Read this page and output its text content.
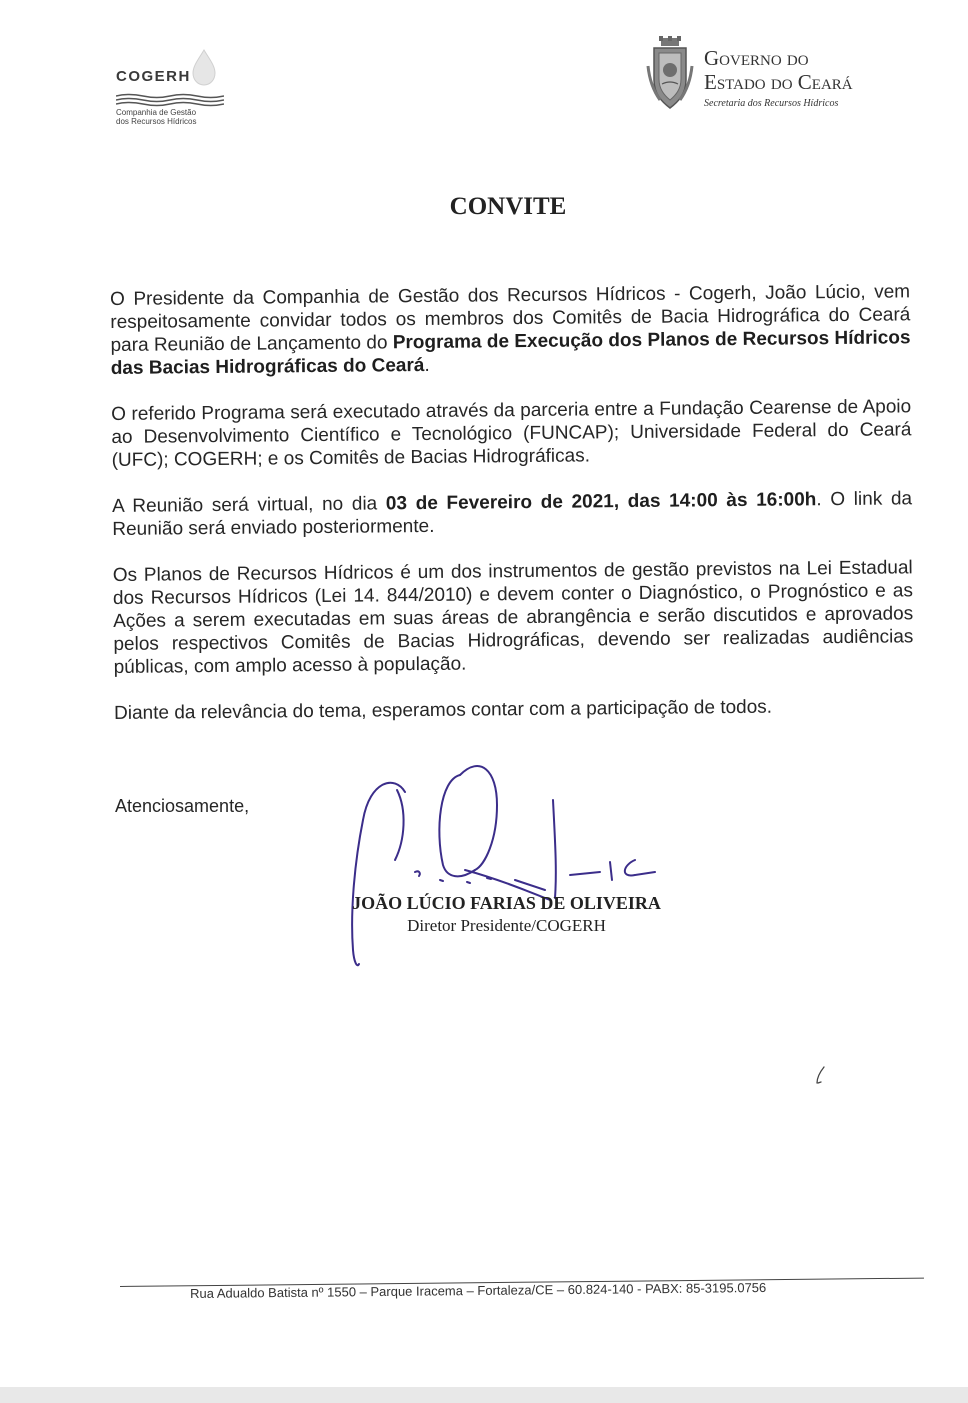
COGERH
Companhia de Gestão
dos Recursos Hídricos
Governo do
Estado do Ceará
Secretaria dos Recursos Hídricos
CONVITE

O Presidente da Companhia de Gestão dos Recursos Hídricos - Cogerh, João Lúcio, vem respeitosamente convidar todos os membros dos Comitês de Bacia Hidrográfica do Ceará para Reunião de Lançamento do Programa de Execução dos Planos de Recursos Hídricos das Bacias Hidrográficas do Ceará.

O referido Programa será executado através da parceria entre a Fundação Cearense de Apoio ao Desenvolvimento Científico e Tecnológico (FUNCAP); Universidade Federal do Ceará (UFC); COGERH; e os Comitês de Bacias Hidrográficas.

A Reunião será virtual, no dia 03 de Fevereiro de 2021, das 14:00 às 16:00h. O link da Reunião será enviado posteriormente.

Os Planos de Recursos Hídricos é um dos instrumentos de gestão previstos na Lei Estadual dos Recursos Hídricos (Lei 14. 844/2010) e devem conter o Diagnóstico, o Prognóstico e as Ações a serem executadas em suas áreas de abrangência e serão discutidos e aprovados pelos respectivos Comitês de Bacias Hidrográficas, devendo ser realizadas audiências públicas, com amplo acesso à população.

Diante da relevância do tema, esperamos contar com a participação de todos.

Atenciosamente,
JOÃO LÚCIO FARIAS DE OLIVEIRA
Diretor Presidente/COGERH
Rua Adualdo Batista nº 1550 – Parque Iracema – Fortaleza/CE – 60.824-140 - PABX: 85-3195.0756
